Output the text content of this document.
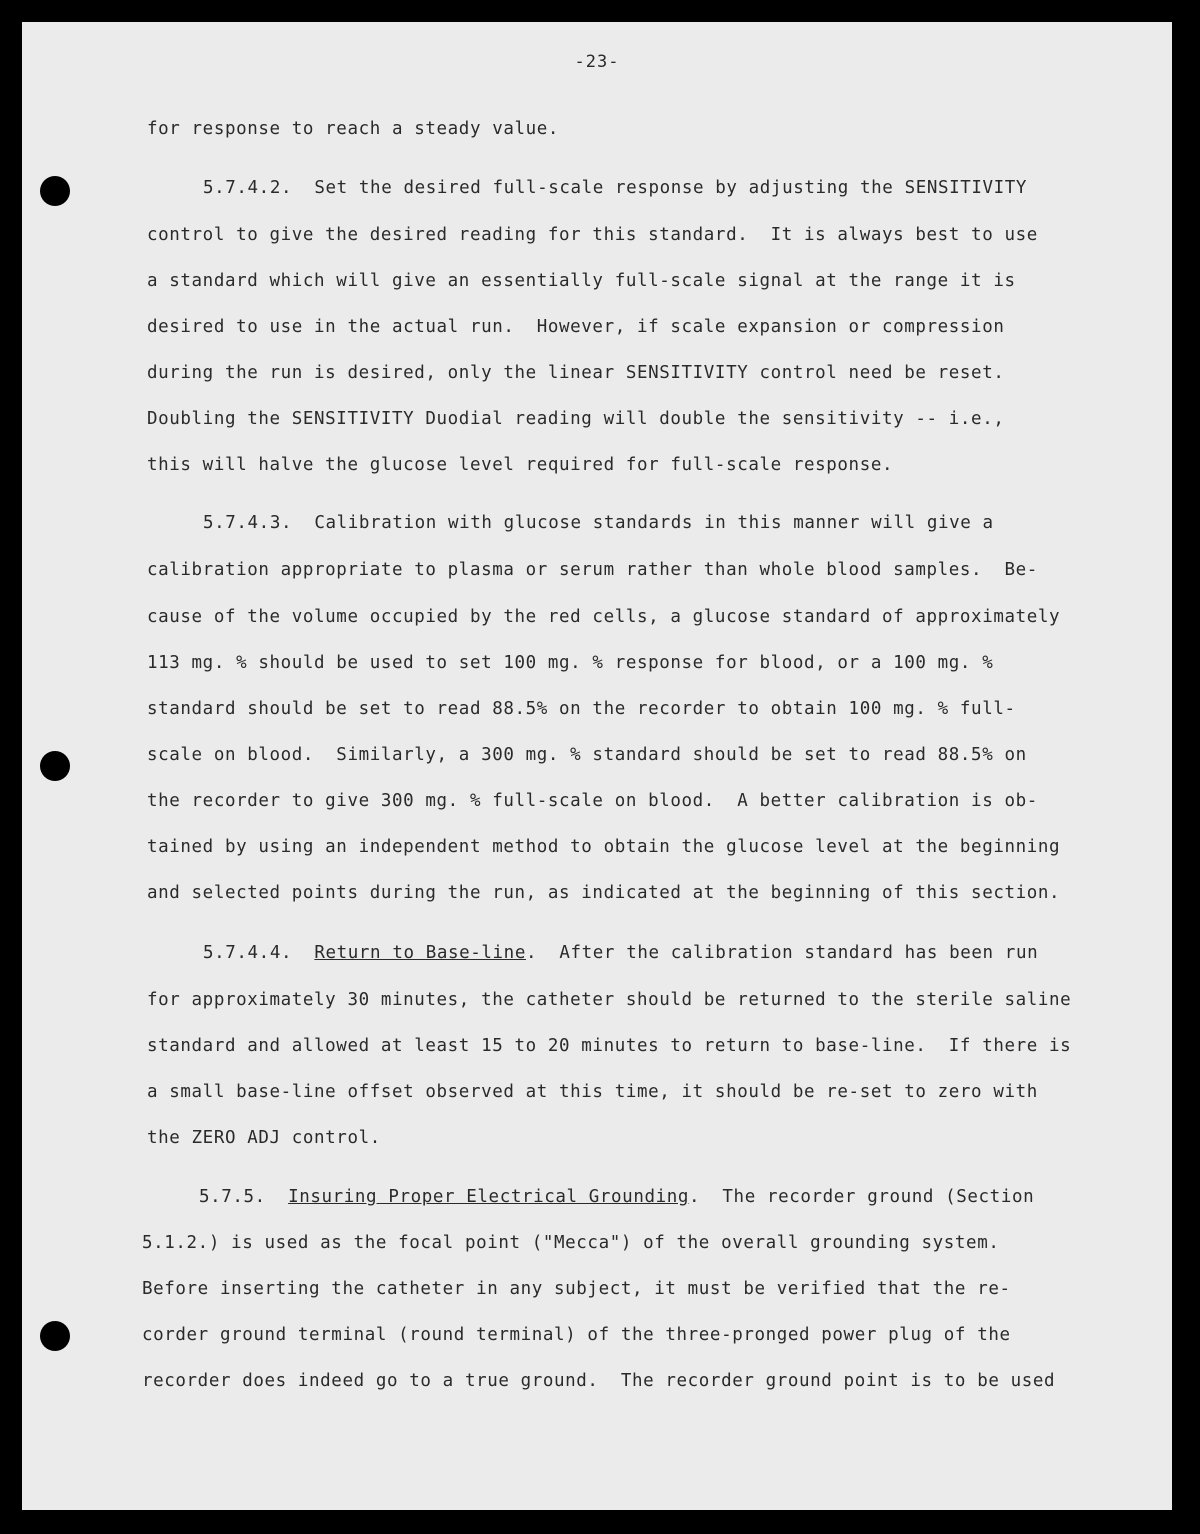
-23-
for response to reach a steady value.
5.7.4.2. Set the desired full-scale response by adjusting the SENSITIVITY
control to give the desired reading for this standard.  It is always best to use
a standard which will give an essentially full-scale signal at the range it is
desired to use in the actual run.  However, if scale expansion or compression
during the run is desired, only the linear SENSITIVITY control need be reset.
Doubling the SENSITIVITY Duodial reading will double the sensitivity -- i.e.,
this will halve the glucose level required for full-scale response.
5.7.4.3. Calibration with glucose standards in this manner will give a
calibration appropriate to plasma or serum rather than whole blood samples.  Be-
cause of the volume occupied by the red cells, a glucose standard of approximately
113 mg. % should be used to set 100 mg. % response for blood, or a 100 mg. %
standard should be set to read 88.5% on the recorder to obtain 100 mg. % full-
scale on blood.  Similarly, a 300 mg. % standard should be set to read 88.5% on
the recorder to give 300 mg. % full-scale on blood.  A better calibration is ob-
tained by using an independent method to obtain the glucose level at the beginning
and selected points during the run, as indicated at the beginning of this section.
5.7.4.4. Return to Base-line.  After the calibration standard has been run
for approximately 30 minutes, the catheter should be returned to the sterile saline
standard and allowed at least 15 to 20 minutes to return to base-line.  If there is
a small base-line offset observed at this time, it should be re-set to zero with
the ZERO ADJ control.
5.7.5. Insuring Proper Electrical Grounding.  The recorder ground (Section
5.1.2.) is used as the focal point ("Mecca") of the overall grounding system.
Before inserting the catheter in any subject, it must be verified that the re-
corder ground terminal (round terminal) of the three-pronged power plug of the
recorder does indeed go to a true ground.  The recorder ground point is to be used
